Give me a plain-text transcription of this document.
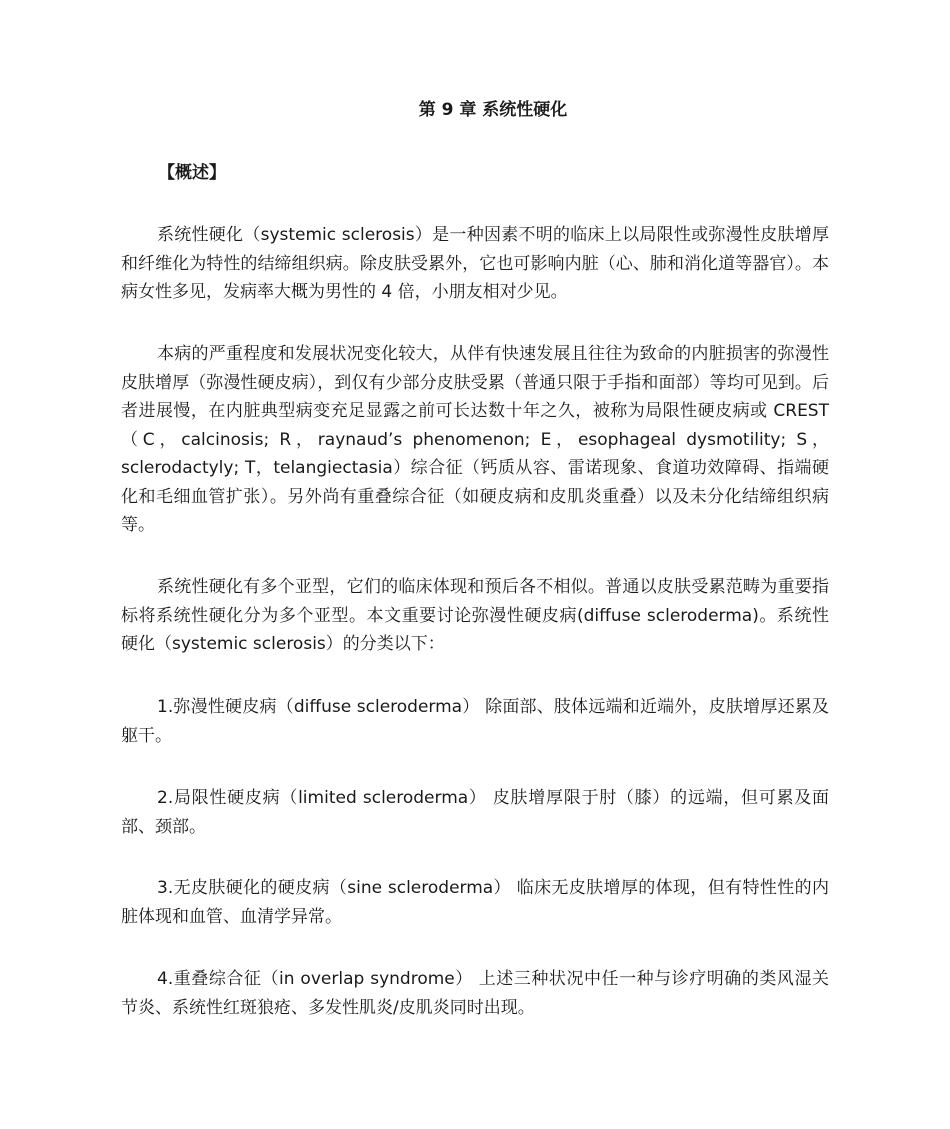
第 9 章 系统性硬化
【概述】

系统性硬化（systemic sclerosis）是一种因素不明的临床上以局限性或弥漫性皮肤增厚和纤维化为特性的结缔组织病。除皮肤受累外，它也可影响内脏（心、肺和消化道等器官）。本病女性多见，发病率大概为男性的 4 倍，小朋友相对少见。

本病的严重程度和发展状况变化较大，从伴有快速发展且往往为致命的内脏损害的弥漫性皮肤增厚（弥漫性硬皮病），到仅有少部分皮肤受累（普通只限于手指和面部）等均可见到。后者进展慢，在内脏典型病变充足显露之前可长达数十年之久，被称为局限性硬皮病或 CREST（C，calcinosis; R，raynaud’s phenomenon; E，esophageal dysmotility; S，sclerodactyly; T，telangiectasia）综合征（钙质从容、雷诺现象、食道功效障碍、指端硬化和毛细血管扩张）。另外尚有重叠综合征（如硬皮病和皮肌炎重叠）以及未分化结缔组织病等。

系统性硬化有多个亚型，它们的临床体现和预后各不相似。普通以皮肤受累范畴为重要指标将系统性硬化分为多个亚型。本文重要讨论弥漫性硬皮病(diffuse scleroderma)。系统性硬化（systemic sclerosis）的分类以下：

1.弥漫性硬皮病（diffuse scleroderma） 除面部、肢体远端和近端外，皮肤增厚还累及躯干。

2.局限性硬皮病（limited scleroderma） 皮肤增厚限于肘（膝）的远端，但可累及面部、颈部。

3.无皮肤硬化的硬皮病（sine scleroderma） 临床无皮肤增厚的体现，但有特性性的内脏体现和血管、血清学异常。

4.重叠综合征（in overlap syndrome） 上述三种状况中任一种与诊疗明确的类风湿关节炎、系统性红斑狼疮、多发性肌炎/皮肌炎同时出现。
